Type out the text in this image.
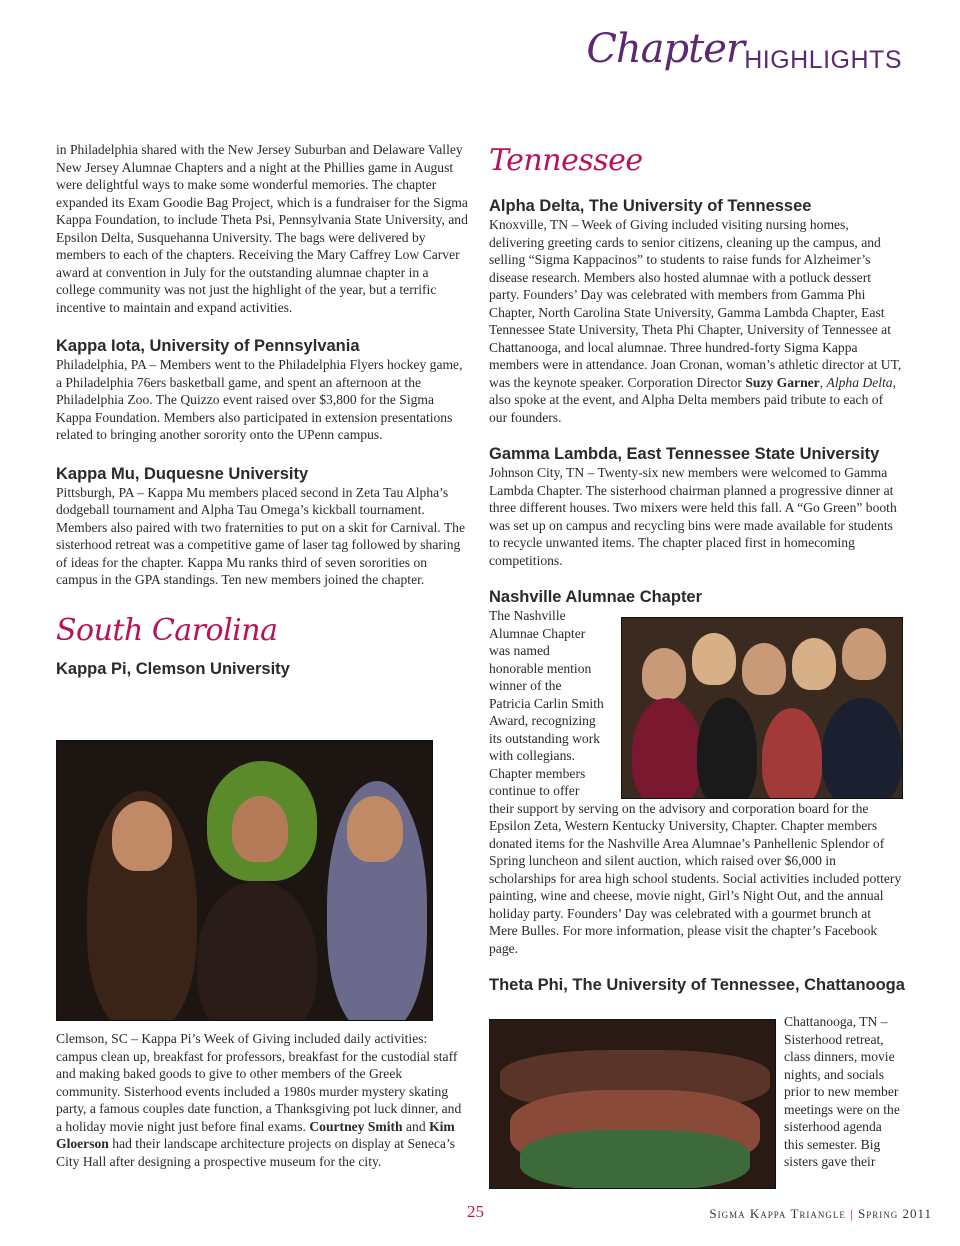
Chapter HIGHLIGHTS

in Philadelphia shared with the New Jersey Suburban and Delaware Valley New Jersey Alumnae Chapters and a night at the Phillies game in August were delightful ways to make some wonderful memories. The chapter expanded its Exam Goodie Bag Project, which is a fundraiser for the Sigma Kappa Foundation, to include Theta Psi, Pennsylvania State University, and Epsilon Delta, Susquehanna University. The bags were delivered by members to each of the chapters. Receiving the Mary Caffrey Low Carver award at convention in July for the outstanding alumnae chapter in a college community was not just the highlight of the year, but a terrific incentive to maintain and expand activities.

Kappa Iota, University of Pennsylvania

Philadelphia, PA – Members went to the Philadelphia Flyers hockey game, a Philadelphia 76ers basketball game, and spent an afternoon at the Philadelphia Zoo. The Quizzo event raised over $3,800 for the Sigma Kappa Foundation. Members also participated in extension presentations related to bringing another sorority onto the UPenn campus.

Kappa Mu, Duquesne University

Pittsburgh, PA – Kappa Mu members placed second in Zeta Tau Alpha’s dodgeball tournament and Alpha Tau Omega’s kickball tournament. Members also paired with two fraternities to put on a skit for Carnival. The sisterhood retreat was a competitive game of laser tag followed by sharing of ideas for the chapter. Kappa Mu ranks third of seven sororities on campus in the GPA standings. Ten new members joined the chapter.

South Carolina
Kappa Pi, Clemson University

Clemson, SC – Kappa Pi’s Week of Giving included daily activities: campus clean up, breakfast for professors, breakfast for the custodial staff and making baked goods to give to other members of the Greek community. Sisterhood events included a 1980s murder mystery skating party, a famous couples date function, a Thanksgiving pot luck dinner, and a holiday movie night just before final exams. Courtney Smith and Kim Gloerson had their landscape architecture projects on display at Seneca’s City Hall after designing a prospective museum for the city.

Tennessee
Alpha Delta, The University of Tennessee

Knoxville, TN – Week of Giving included visiting nursing homes, delivering greeting cards to senior citizens, cleaning up the campus, and selling “Sigma Kappacinos” to students to raise funds for Alzheimer’s disease research. Members also hosted alumnae with a potluck dessert party. Founders’ Day was celebrated with members from Gamma Phi Chapter, North Carolina State University, Gamma Lambda Chapter, East Tennessee State University, Theta Phi Chapter, University of Tennessee at Chattanooga, and local alumnae. Three hundred-forty Sigma Kappa members were in attendance. Joan Cronan, woman’s athletic director at UT, was the keynote speaker. Corporation Director Suzy Garner, Alpha Delta, also spoke at the event, and Alpha Delta members paid tribute to each of our founders.

Gamma Lambda, East Tennessee State University

Johnson City, TN – Twenty-six new members were welcomed to Gamma Lambda Chapter. The sisterhood chairman planned a progressive dinner at three different houses. Two mixers were held this fall. A “Go Green” booth was set up on campus and recycling bins were made available for students to recycle unwanted items. The chapter placed first in homecoming competitions.

Nashville Alumnae Chapter

The Nashville Alumnae Chapter was named honorable mention winner of the Patricia Carlin Smith Award, recognizing its outstanding work with collegians. Chapter members continue to offer

their support by serving on the advisory and corporation board for the Epsilon Zeta, Western Kentucky University, Chapter. Chapter members donated items for the Nashville Area Alumnae’s Panhellenic Splendor of Spring luncheon and silent auction, which raised over $6,000 in scholarships for area high school students. Social activities included pottery painting, wine and cheese, movie night, Girl’s Night Out, and the annual holiday party. Founders’ Day was celebrated with a gourmet brunch at Mere Bulles. For more information, please visit the chapter’s Facebook page.

Theta Phi, The University of Tennessee, Chattanooga

Chattanooga, TN – Sisterhood retreat, class dinners, movie nights, and socials prior to new member meetings were on the sisterhood agenda this semester. Big sisters gave their

25	Sigma Kappa Triangle | Spring 2011
